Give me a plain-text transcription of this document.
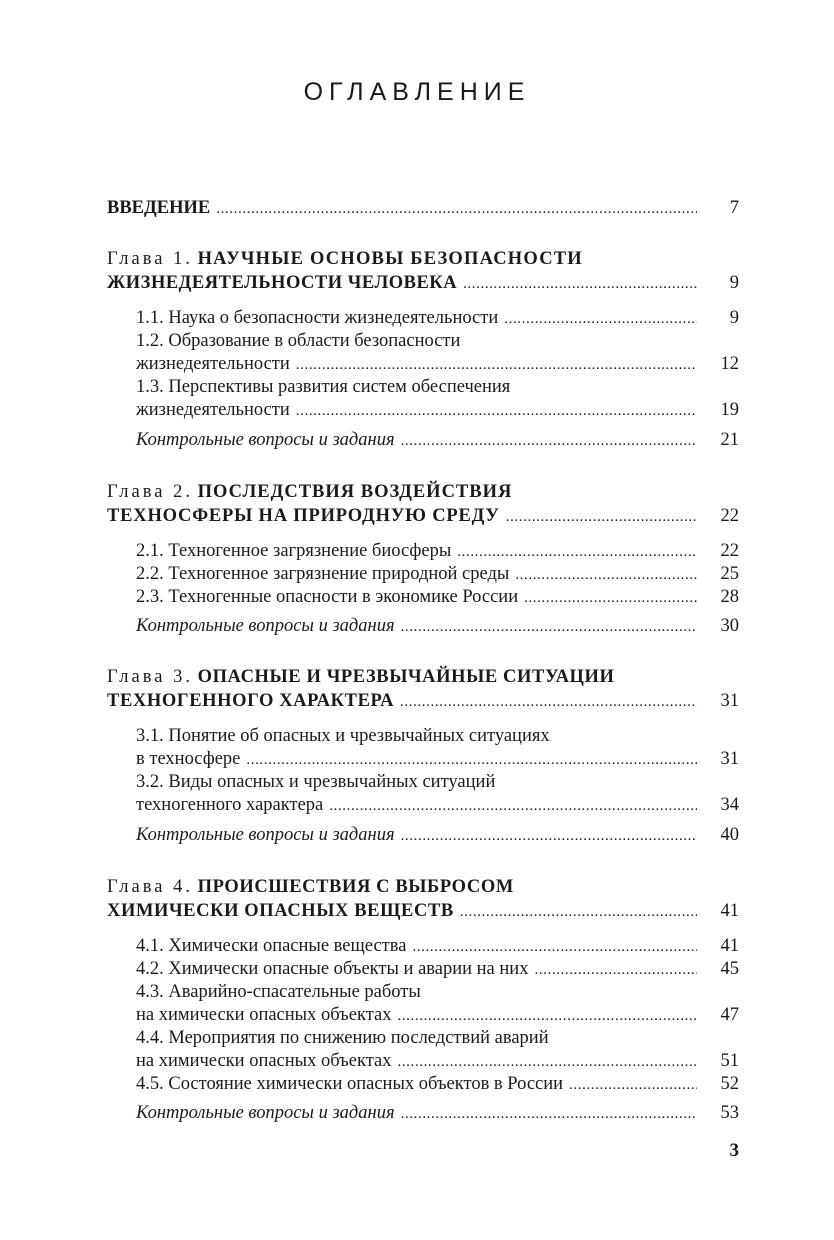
ОГЛАВЛЕНИЕ
ВВЕДЕНИЕ .....	7
Глава 1. НАУЧНЫЕ ОСНОВЫ БЕЗОПАСНОСТИ
ЖИЗНЕДЕЯТЕЛЬНОСТИ ЧЕЛОВЕКА .....	9
1.1. Наука о безопасности жизнедеятельности .....	9
1.2. Образование в области безопасности
жизнедеятельности .....	12
1.3. Перспективы развития систем обеспечения
жизнедеятельности .....	19
Контрольные вопросы и задания .....	21
Глава 2. ПОСЛЕДСТВИЯ ВОЗДЕЙСТВИЯ
ТЕХНОСФЕРЫ НА ПРИРОДНУЮ СРЕДУ .....	22
2.1. Техногенное загрязнение биосферы .....	22
2.2. Техногенное загрязнение природной среды .....	25
2.3. Техногенные опасности в экономике России .....	28
Контрольные вопросы и задания .....	30
Глава 3. ОПАСНЫЕ И ЧРЕЗВЫЧАЙНЫЕ СИТУАЦИИ
ТЕХНОГЕННОГО ХАРАКТЕРА .....	31
3.1. Понятие об опасных и чрезвычайных ситуациях
в техносфере .....	31
3.2. Виды опасных и чрезвычайных ситуаций
техногенного характера .....	34
Контрольные вопросы и задания .....	40
Глава 4. ПРОИСШЕСТВИЯ С ВЫБРОСОМ
ХИМИЧЕСКИ ОПАСНЫХ ВЕЩЕСТВ .....	41
4.1. Химически опасные вещества .....	41
4.2. Химически опасные объекты и аварии на них .....	45
4.3. Аварийно-спасательные работы
на химически опасных объектах .....	47
4.4. Мероприятия по снижению последствий аварий
на химически опасных объектах .....	51
4.5. Состояние химически опасных объектов в России .....	52
Контрольные вопросы и задания .....	53
3
